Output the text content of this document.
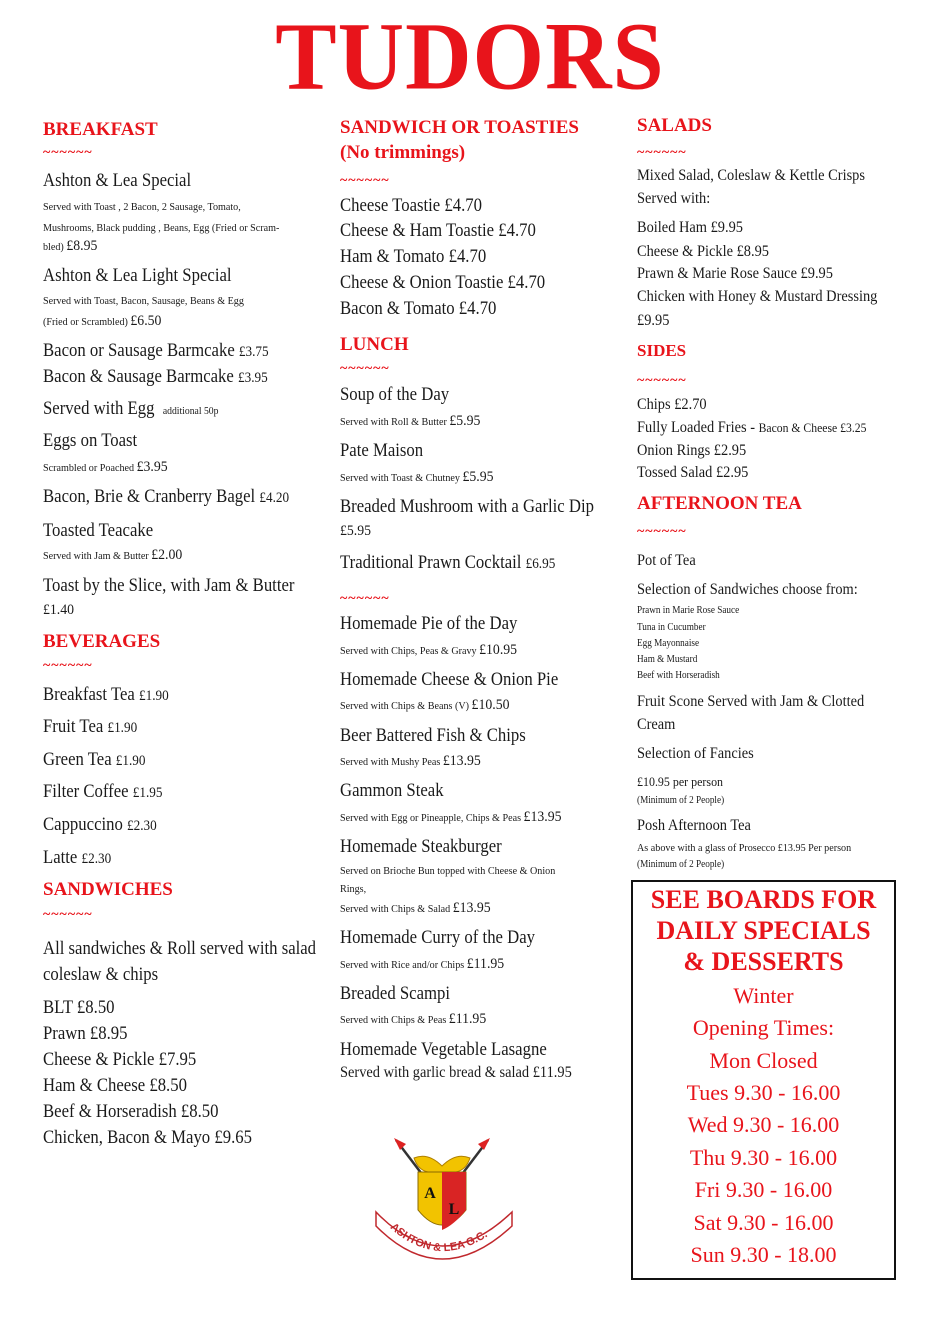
TUDORS
BREAKFAST
~~~~~~
Ashton & Lea Special
Served with Toast , 2 Bacon, 2 Sausage, Tomato,
Mushrooms, Black pudding , Beans, Egg (Fried or Scram-
bled) £8.95
Ashton & Lea Light Special
Served with Toast, Bacon, Sausage, Beans & Egg
(Fried or Scrambled) £6.50
Bacon or Sausage Barmcake £3.75
Bacon & Sausage Barmcake £3.95
Served with Egg additional 50p
Eggs on Toast
Scrambled or Poached £3.95
Bacon, Brie & Cranberry Bagel £4.20
Toasted Teacake
Served with Jam & Butter £2.00
Toast by the Slice, with Jam & Butter
£1.40
BEVERAGES
~~~~~~
Breakfast Tea £1.90
Fruit Tea £1.90
Green Tea £1.90
Filter Coffee £1.95
Cappuccino £2.30
Latte £2.30
SANDWICHES
~~~~~~
All sandwiches & Roll served with salad
coleslaw & chips
BLT £8.50
Prawn £8.95
Cheese & Pickle £7.95
Ham & Cheese £8.50
Beef & Horseradish £8.50
Chicken, Bacon & Mayo £9.65
SANDWICH OR TOASTIES
(No trimmings)
~~~~~~
Cheese Toastie £4.70
Cheese & Ham Toastie £4.70
Ham & Tomato £4.70
Cheese & Onion Toastie £4.70
Bacon & Tomato £4.70
LUNCH
~~~~~~
Soup of the Day
Served with Roll & Butter £5.95
Pate Maison
Served with Toast & Chutney £5.95
Breaded Mushroom with a Garlic Dip
£5.95
Traditional Prawn Cocktail £6.95
~~~~~~
Homemade Pie of the Day
Served with Chips, Peas & Gravy £10.95
Homemade Cheese & Onion Pie
Served with Chips & Beans (V) £10.50
Beer Battered Fish & Chips
Served with Mushy Peas £13.95
Gammon Steak
Served with Egg or Pineapple, Chips & Peas £13.95
Homemade Steakburger
Served on Brioche Bun topped with Cheese & Onion
Rings,
Served with Chips & Salad £13.95
Homemade Curry of the Day
Served with Rice and/or Chips £11.95
Breaded Scampi
Served with Chips & Peas £11.95
Homemade Vegetable Lasagne
Served with garlic bread & salad £11.95
SALADS
~~~~~~
Mixed Salad, Coleslaw & Kettle Crisps
Served with:
Boiled Ham £9.95
Cheese & Pickle £8.95
Prawn & Marie Rose Sauce £9.95
Chicken with Honey & Mustard Dressing
£9.95
SIDES
~~~~~~
Chips £2.70
Fully Loaded Fries - Bacon & Cheese £3.25
Onion Rings £2.95
Tossed Salad £2.95
AFTERNOON TEA
~~~~~~
Pot of Tea
Selection of Sandwiches choose from:
Prawn in Marie Rose Sauce
Tuna in Cucumber
Egg Mayonnaise
Ham & Mustard
Beef with Horseradish
Fruit Scone Served with Jam & Clotted
Cream
Selection of Fancies
£10.95 per person
(Minimum of 2 People)
Posh Afternoon Tea
As above with a glass of Prosecco £13.95 Per person
(Minimum of 2 People)
SEE BOARDS FOR
DAILY SPECIALS
& DESSERTS
Winter
Opening Times:
Mon Closed
Tues 9.30 - 16.00
Wed 9.30 - 16.00
Thu 9.30 - 16.00
Fri 9.30 - 16.00
Sat 9.30 - 16.00
Sun 9.30 - 18.00
A
L
ASHTON & LEA G.C.
